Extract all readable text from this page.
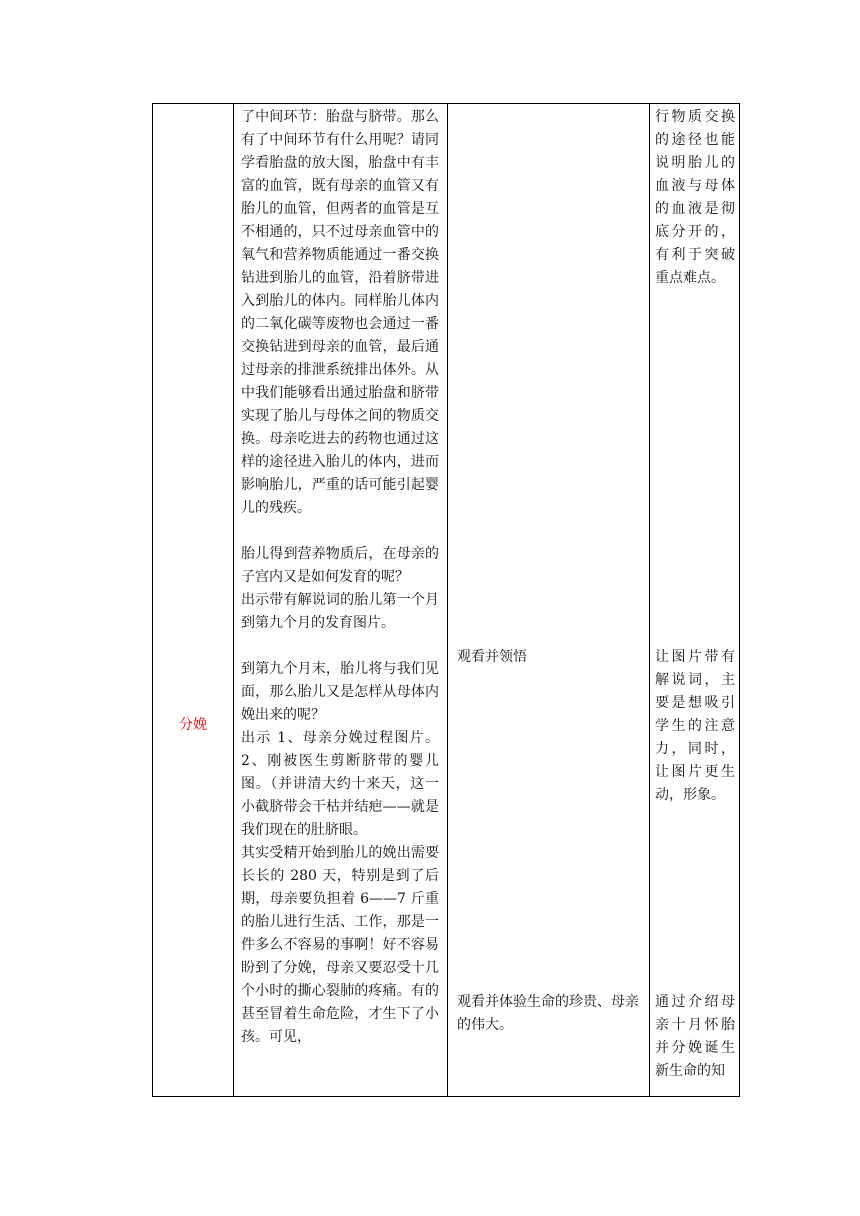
分娩
了中间环节：胎盘与脐带。那么有了中间环节有什么用呢？请同学看胎盘的放大图，胎盘中有丰富的血管，既有母亲的血管又有胎儿的血管，但两者的血管是互不相通的，只不过母亲血管中的氧气和营养物质能通过一番交换钻进到胎儿的血管，沿着脐带进入到胎儿的体内。同样胎儿体内的二氧化碳等废物也会通过一番交换钻进到母亲的血管，最后通过母亲的排泄系统排出体外。从中我们能够看出通过胎盘和脐带实现了胎儿与母体之间的物质交换。母亲吃进去的药物也通过这样的途径进入胎儿的体内，进而影响胎儿，严重的话可能引起婴儿的残疾。
胎儿得到营养物质后，在母亲的子宫内又是如何发育的呢？
出示带有解说词的胎儿第一个月到第九个月的发育图片。
到第九个月末，胎儿将与我们见面，那么胎儿又是怎样从母体内娩出来的呢？
出示 1、母亲分娩过程图片。2、刚被医生剪断脐带的婴儿图。（并讲清大约十来天，这一小截脐带会干枯并结疤——就是我们现在的肚脐眼。
其实受精开始到胎儿的娩出需要长长的 280 天，特别是到了后期，母亲要负担着 6——7 斤重的胎儿进行生活、工作，那是一件多么不容易的事啊！好不容易盼到了分娩，母亲又要忍受十几个小时的撕心裂肺的疼痛。有的甚至冒着生命危险，才生下了小孩。可见，
观看并领悟
观看并体验生命的珍贵、母亲的伟大。
行物质交换的途径也能说明胎儿的血液与母体的血液是彻底分开的，有利于突破重点难点。
让图片带有解说词，主要是想吸引学生的注意力，同时，让图片更生动，形象。
通过介绍母亲十月怀胎并分娩诞生新生命的知
